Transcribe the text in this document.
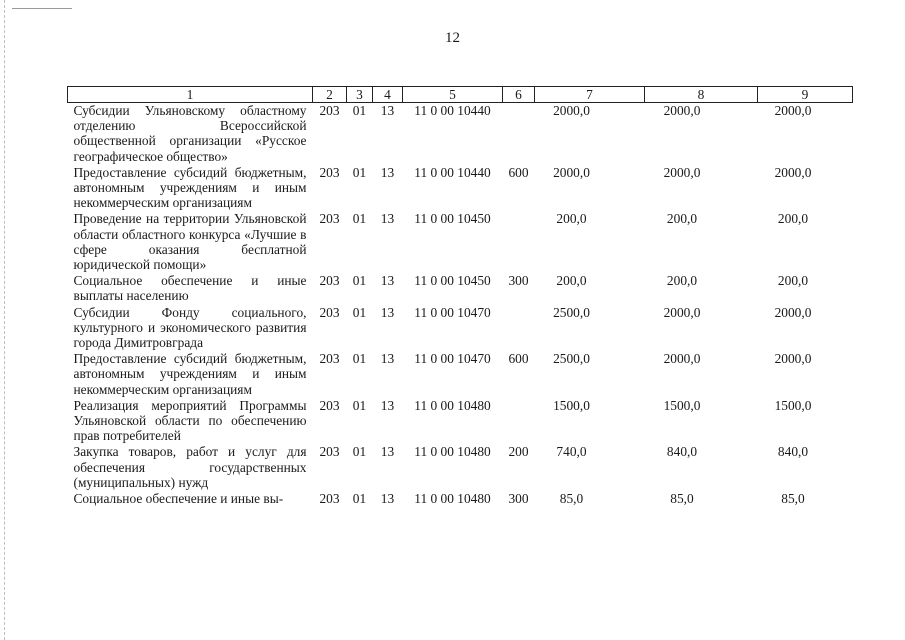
12
1	2	3	4	5	6	7	8	9
Субсидии Ульяновскому областному отделению Всероссийской общественной организации «Русское географическое общество»	203	01	13	11 0 00 10440		2000,0	2000,0	2000,0
Предоставление субсидий бюджетным, автономным учреждениям и иным некоммерческим организациям	203	01	13	11 0 00 10440	600	2000,0	2000,0	2000,0
Проведение на территории Ульяновской области областного конкурса «Лучшие в сфере оказания бесплатной юридической помощи»	203	01	13	11 0 00 10450		200,0	200,0	200,0
Социальное обеспечение и иные выплаты населению	203	01	13	11 0 00 10450	300	200,0	200,0	200,0
Субсидии Фонду социального, культурного и экономического развития города Димитровграда	203	01	13	11 0 00 10470		2500,0	2000,0	2000,0
Предоставление субсидий бюджетным, автономным учреждениям и иным некоммерческим организациям	203	01	13	11 0 00 10470	600	2500,0	2000,0	2000,0
Реализация мероприятий Программы Ульяновской области по обеспечению прав потребителей	203	01	13	11 0 00 10480		1500,0	1500,0	1500,0
Закупка товаров, работ и услуг для обеспечения государственных (муниципальных) нужд	203	01	13	11 0 00 10480	200	740,0	840,0	840,0
Социальное обеспечение и иные вы-	203	01	13	11 0 00 10480	300	85,0	85,0	85,0
